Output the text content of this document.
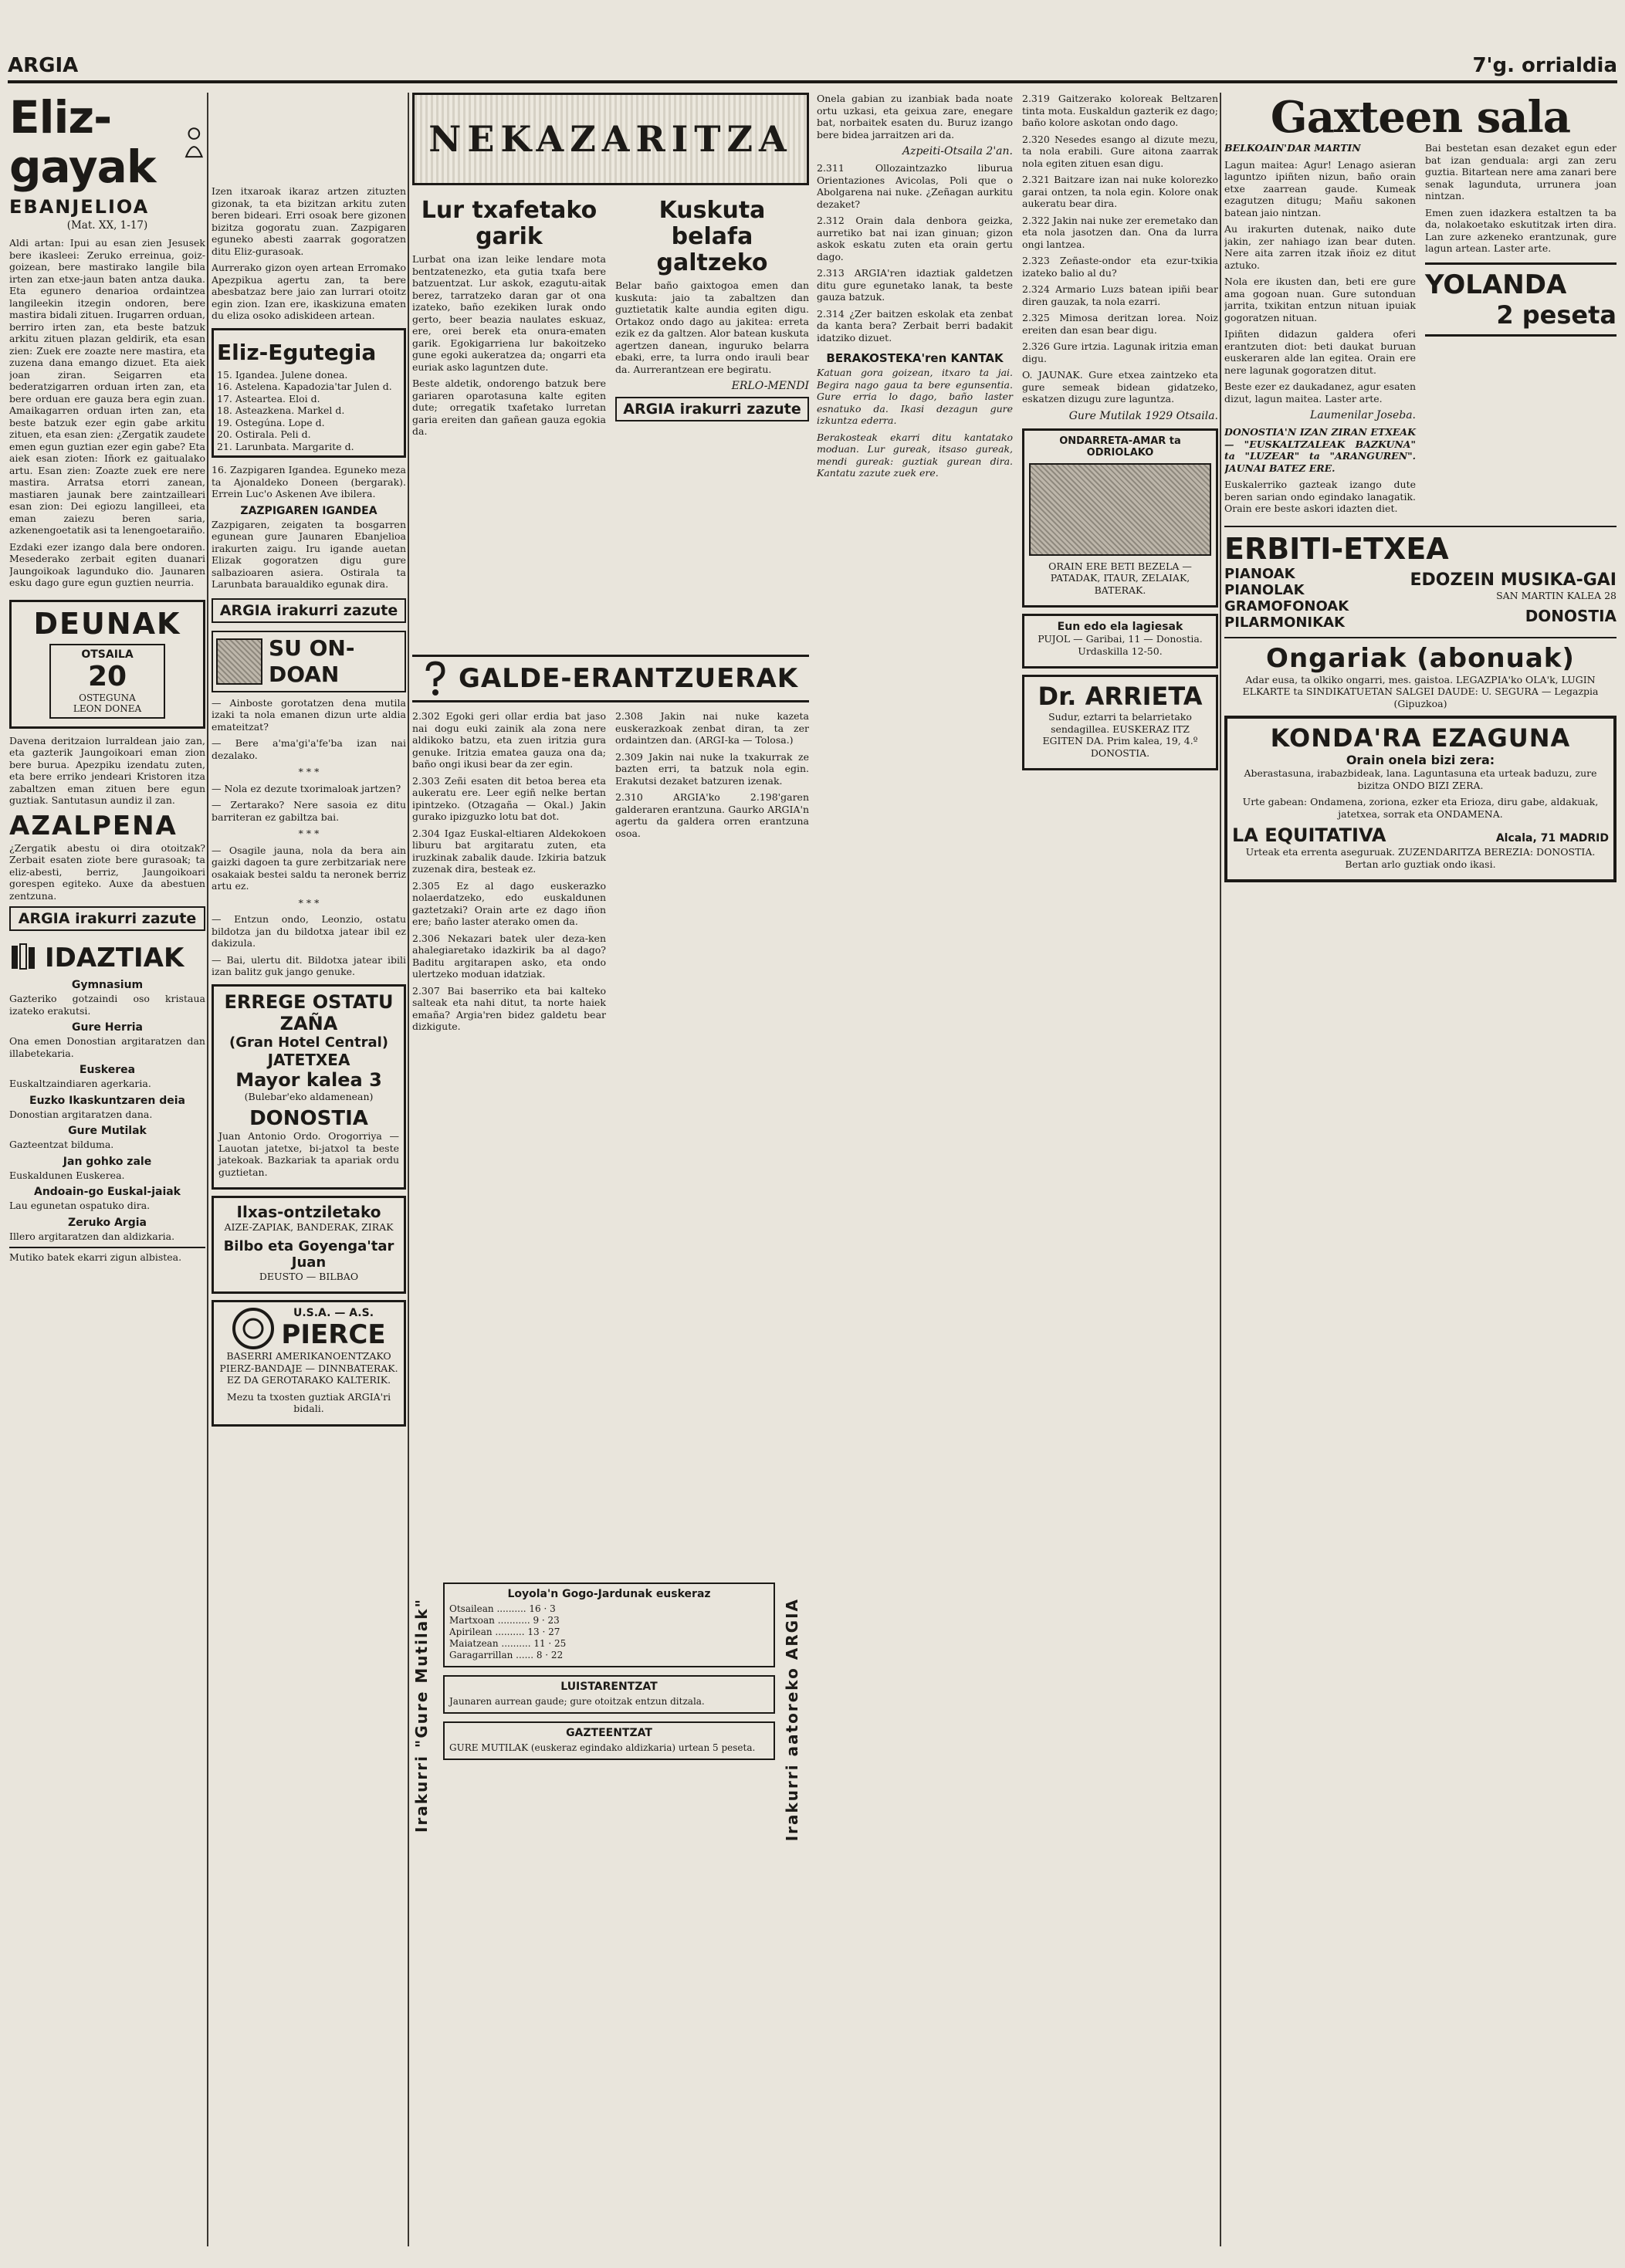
ARGIA	7'g. orrialdia
Eliz-gayak
EBANJELIOA
(Mat. XX, 1-17)
Aldi artan: Ipui au esan zien Jesusek bere ikasleei: Zeruko erreinua, goiz-goizean, bere mastirako langile bila irten zan etxe-jaun baten antza dauka. Eta egunero denarioa ordaintzea langileekin itzegin ondoren, bere mastira bidali zituen. Irugarren orduan, berriro irten zan, eta beste batzuk arkitu zituen plazan geldirik, eta esan zien: Zuek ere zoazte nere mastira, eta zuzena dana emango dizuet. Eta aiek joan ziran. Seigarren eta bederatzigarren orduan irten zan, eta bere orduan ere gauza bera egin zuan. Amaikagarren orduan irten zan, eta beste batzuk ezer egin gabe arkitu zituen, eta esan zien: ¿Zergatik zaudete emen egun guztian ezer egin gabe? Eta aiek esan zioten: Iñork ez gaitualako artu. Esan zien: Zoazte zuek ere nere mastira. Arratsa etorri zanean, mastiaren jaunak bere zaintzailleari esan zion: Dei egiozu langilleei, eta eman zaiezu beren saria, azkenengoetatik asi ta lenengoetaraiño.
Ezdaki ezer izango dala bere ondoren. Mesederako zerbait egiten duanari Jaungoikoak lagunduko dio. Jaunaren esku dago gure egun guztien neurria.
DEUNAK
OTSAILA
20
OSTEGUNA
LEON DONEA
Davena deritzaion lurraldean jaio zan, eta gazterik Jaungoikoari eman zion bere burua. Apezpiku izendatu zuten, eta bere erriko jendeari Kristoren itza zabaltzen eman zituen bere egun guztiak. Santutasun aundiz il zan.
AZALPENA
¿Zergatik abestu oi dira otoitzak? Zerbait esaten ziote bere gurasoak; ta eliz-abesti, berriz, Jaungoikoari gorespen egiteko. Auxe da abestuen zentzuna.
ARGIA irakurri zazute
IDAZTIAK
Gymnasium
Gazteriko gotzaindi oso kristaua izateko erakutsi.
Gure Herria
Ona emen Donostian argitaratzen dan illabetekaria.
Euskerea
Euskaltzaindiaren agerkaria.
Euzko Ikaskuntzaren deia
Donostian argitaratzen dana.
Gure Mutilak
Gazteentzat bilduma.
Jan gohko zale
Euskaldunen Euskerea.
Andoain-go Euskal-jaiak
Lau egunetan ospatuko dira.
Zeruko Argia
Illero argitaratzen dan aldizkaria.
Mutiko batek ekarri zigun albistea.
Izen itxaroak ikaraz artzen zituzten gizonak, ta eta bizitzan arkitu zuten beren bideari. Erri osoak bere gizonen bizitza gogoratu zuan. Zazpigaren eguneko abesti zaarrak gogoratzen ditu Eliz-gurasoak.
Aurrerako gizon oyen artean Erromako Apezpikua agertu zan, ta bere abesbatzaz bere jaio zan lurrari otoitz egin zion. Izan ere, ikaskizuna ematen du eliza osoko adiskideen artean.
Eliz-Egutegia
15. Igandea. Julene donea.
16. Astelena. Kapadozia'tar Julen d.
17. Asteartea. Eloi d.
18. Asteazkena. Markel d.
19. Ostegúna. Lope d.
20. Ostirala. Peli d.
21. Larunbata. Margarite d.
16. Zazpigaren Igandea. Eguneko meza ta Ajonaldeko Doneen (bergarak). Errein Luc'o Askenen Ave ibilera.
ZAZPIGAREN IGANDEA
Zazpigaren, zeigaten ta bosgarren egunean gure Jaunaren Ebanjelioa irakurten zaigu. Iru igande auetan Elizak gogoratzen digu gure salbazioaren asiera. Ostirala ta Larunbata baraualdiko egunak dira.
ARGIA irakurri zazute
SU ON-DOAN
— Ainboste gorotatzen dena mutila izaki ta nola emanen dizun urte aldia emateitzat?
— Bere a'ma'gi'a'fe'ba izan nai dezalako.
* * *
— Nola ez dezute txorimaloak jartzen?
— Zertarako? Nere sasoia ez ditu barriteran ez gabiltza bai.
* * *
— Osagile jauna, nola da bera ain gaizki dagoen ta gure zerbitzariak nere osakaiak bestei saldu ta neronek berriz artu ez.
* * *
— Entzun ondo, Leonzio, ostatu bildotza jan du bildotxa jatear ibil ez dakizula.
— Bai, ulertu dit. Bildotxa jatear ibili izan balitz guk jango genuke.
ERREGE OSTATU ZAÑA
(Gran Hotel Central)
JATETXEA
Mayor kalea 3
(Bulebar'eko aldamenean)
DONOSTIA
Juan Antonio Ordo. Orogorriya — Lauotan jatetxe, bi-jatxol ta beste jatekoak. Bazkariak ta apariak ordu guztietan.
Ilxas-ontziletako
AIZE-ZAPIAK, BANDERAK, ZIRAK
Bilbo eta Goyenga'tar Juan
DEUSTO — BILBAO
U.S.A. — A.S.
PIERCE
BASERRI AMERIKANOENTZAKO PIERZ-BANDAJE — DINNBATERAK. EZ DA GEROTARAKO KALTERIK.
Mezu ta txosten guztiak ARGIA'ri bidali.
NEKAZARITZA
Lur txafetako garik
Lurbat ona izan leike lendare mota bentzatenezko, eta gutia txafa bere batzuentzat. Lur askok, ezagutu-aitak berez, tarratzeko daran gar ot ona izateko, baño ezekiken lurak ondo gerto, beer beazia naulates eskuaz, ere, orei berek eta onura-ematen garik. Egokigarriena lur bakoitzeko gune egoki aukeratzea da; ongarri eta euriak asko laguntzen dute.
Beste aldetik, ondorengo batzuk bere gariaren oparotasuna kalte egiten dute; orregatik txafetako lurretan garia ereiten dan gañean gauza egokia da.
Kuskuta belafa galtzeko
Belar baño gaixtogoa emen dan kuskuta: jaio ta zabaltzen dan guztietatik kalte aundia egiten digu. Ortakoz ondo dago au jakitea: erreta ezik ez da galtzen. Alor batean kuskuta agertzen danean, inguruko belarra ebaki, erre, ta lurra ondo irauli bear da. Aurrerantzean ere begiratu.
ERLO-MENDI
ARGIA irakurri zazute
GALDE-ERANTZUERAK
2.302 Egoki geri ollar erdia bat jaso nai dogu euki zainik ala zona nere aldikoko batzu, eta zuen iritzia gura genuke. Iritzia ematea gauza ona da; baño ongi ikusi bear da zer egin.
2.303 Zeñi esaten dit betoa berea eta aukeratu ere. Leer egiñ nelke bertan ipintzeko. (Otzagaña — Okal.) Jakin gurako ipizguzko lotu bat dot.
2.304 Igaz Euskal-eltiaren Aldekokoen liburu bat argitaratu zuten, eta iruzkinak zabalik daude. Izkiria batzuk zuzenak dira, besteak ez.
2.305 Ez al dago euskerazko nolaerdatzeko, edo euskaldunen gaztetzaki? Orain arte ez dago iñon ere; baño laster aterako omen da.
2.306 Nekazari batek uler deza-ken ahalegiaretako idazkirik ba al dago? Baditu argitarapen asko, eta ondo ulertzeko moduan idatziak.
2.307 Bai baserriko eta bai kalteko salteak eta nahi ditut, ta norte haiek emaña? Argia'ren bidez galdetu bear dizkigute.
2.308 Jakin nai nuke kazeta euskerazkoak zenbat diran, ta zer ordaintzen dan. (ARGI-ka — Tolosa.)
2.309 Jakin nai nuke la txakurrak ze bazten erri, ta batzuk nola egin. Erakutsi dezaket batzuren izenak.
2.310 ARGIA'ko 2.198'garen galderaren erantzuna. Gaurko ARGIA'n agertu da galdera orren erantzuna osoa.
Irakurri "Gure Mutilak"
Loyola'n Gogo-Jardunak euskeraz
Otsailean .......... 16 · 3
Martxoan ........... 9 · 23
Apirilean .......... 13 · 27
Maiatzean .......... 11 · 25
Garagarrillan ...... 8 · 22
LUISTARENTZAT
Jaunaren aurrean gaude; gure otoitzak entzun ditzala.
GAZTEENTZAT
GURE MUTILAK (euskeraz egindako aldizkaria) urtean 5 peseta.	Irakurri aatoreko ARGIA
Onela gabian zu izanbiak bada noate ortu uzkasi, eta geixua zare, enegare bat, norbaitek esaten du. Buruz izango bere bidea jarraitzen ari da.
Azpeiti-Otsaila 2'an.
2.311 Ollozaintzazko liburua Orientaziones Avicolas, Poli que o Abolgarena nai nuke. ¿Zeñagan aurkitu dezaket?
2.312 Orain dala denbora geizka, aurretiko bat nai izan ginuan; gizon askok eskatu zuten eta orain gertu dago.
2.313 ARGIA'ren idaztiak galdetzen ditu gure egunetako lanak, ta beste gauza batzuk.
2.314 ¿Zer baitzen eskolak eta zenbat da kanta bera? Zerbait berri badakit idatziko dizuet.
BERAKOSTEKA'ren KANTAK
Katuan gora goizean, itxaro ta jai. Begira nago gaua ta bere egunsentia. Gure erria lo dago, baño laster esnatuko da. Ikasi dezagun gure izkuntza ederra.
Berakosteak ekarri ditu kantatako moduan. Lur gureak, itsaso gureak, mendi gureak: guztiak gurean dira. Kantatu zazute zuek ere.
2.319 Gaitzerako koloreak Beltzaren tinta mota. Euskaldun gazterik ez dago; baño kolore askotan ondo dago.
2.320 Nesedes esango al dizute mezu, ta nola erabili. Gure aitona zaarrak nola egiten zituen esan digu.
2.321 Baitzare izan nai nuke kolorezko garai ontzen, ta nola egin. Kolore onak aukeratu bear dira.
2.322 Jakin nai nuke zer eremetako dan eta nola jasotzen dan. Ona da lurra ongi lantzea.
2.323 Zeñaste-ondor eta ezur-txikia izateko balio al du?
2.324 Armario Luzs batean ipiñi bear diren gauzak, ta nola ezarri.
2.325 Mimosa deritzan lorea. Noiz ereiten dan esan bear digu.
2.326 Gure irtzia. Lagunak iritzia eman digu.
O. JAUNAK. Gure etxea zaintzeko eta gure semeak bidean gidatzeko, eskatzen dizugu zure laguntza.
Gure Mutilak 1929 Otsaila.
ONDARRETA-AMAR ta ODRIOLAKO
ORAIN ERE BETI BEZELA — PATADAK, ITAUR, ZELAIAK, BATERAK.
Eun edo ela lagiesak
PUJOL — Garibai, 11 — Donostia. Urdaskilla 12-50.
Dr. ARRIETA
Sudur, eztarri ta belarrietako sendagillea. EUSKERAZ ITZ EGITEN DA. Prim kalea, 19, 4.º DONOSTIA.
Gaxteen sala
BELKOAIN'DAR MARTIN
Lagun maitea: Agur! Lenago asieran laguntzo ipiñten nizun, baño orain etxe zaarrean gaude. Kumeak ezagutzen ditugu; Mañu sakonen batean jaio nintzan.
Au irakurten dutenak, naiko dute jakin, zer nahiago izan bear duten. Nere aita zarren itzak iñoiz ez ditut aztuko.
Nola ere ikusten dan, beti ere gure ama gogoan nuan. Gure sutonduan jarrita, txikitan entzun nituan ipuiak gogoratzen nituan.
Ipiñten didazun galdera oferi erantzuten diot: beti daukat buruan euskeraren alde lan egitea. Orain ere nere lagunak gogoratzen ditut.
Beste ezer ez daukadanez, agur esaten dizut, lagun maitea. Laster arte.
Laumenilar Joseba.
DONOSTIA'N IZAN ZIRAN ETXEAK — "EUSKALTZALEAK BAZKUNA" ta "LUZEAR" ta "ARANGUREN". JAUNAI BATEZ ERE.
Euskalerriko gazteak izango dute beren sarian ondo egindako lanagatik. Orain ere beste askori idazten diet.
Bai bestetan esan dezaket egun eder bat izan genduala: argi zan zeru guztia. Bitartean nere ama zanari bere senak lagunduta, urrunera joan nintzan.
Emen zuen idazkera estaltzen ta ba da, nolakoetako eskutitzak irten dira. Lan zure azkeneko erantzunak, gure lagun artean. Laster arte.
YOLANDA
2 peseta
ERBITI-ETXEA
PIANOAK
PIANOLAK
GRAMOFONOAK
PILARMONIKAK
EDOZEIN MUSIKA-GAI
SAN MARTIN KALEA 28
DONOSTIA
Ongariak (abonuak)
Adar eusa, ta olkiko ongarri, mes. gaistoa. LEGAZPIA'ko OLA'k, LUGIN ELKARTE ta SINDIKATUETAN SALGEI DAUDE: U. SEGURA — Legazpia (Gipuzkoa)
KONDA'RA EZAGUNA
Orain onela bizi zera:
Aberastasuna, irabazbideak, lana. Laguntasuna eta urteak baduzu, zure bizitza ONDO BIZI ZERA.
Urte gabean: Ondamena, zoriona, ezker eta Erioza, diru gabe, aldakuak, jatetxea, sorrak eta ONDAMENA.
LA EQUITATIVA	Alcala, 71 MADRID
Urteak eta errenta aseguruak. ZUZENDARITZA BEREZIA: DONOSTIA. Bertan arlo guztiak ondo ikasi.
